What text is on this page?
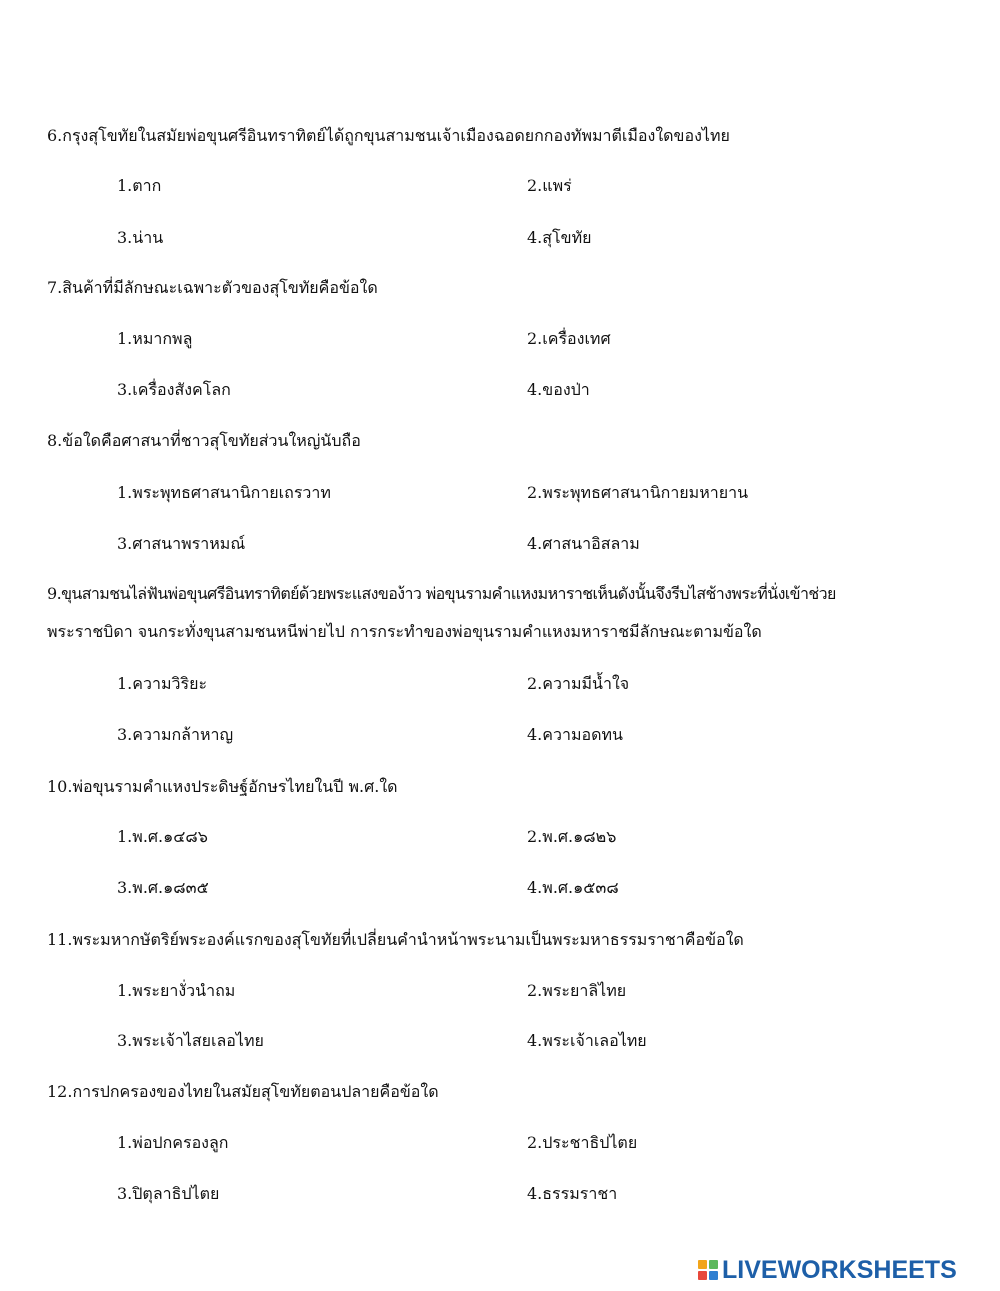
6.กรุงสุโขทัยในสมัยพ่อขุนศรีอินทราทิตย์ได้ถูกขุนสามชนเจ้าเมืองฉอดยกกองทัพมาตีเมืองใดของไทย
1.ตาก	2.แพร่
3.น่าน	4.สุโขทัย
7.สินค้าที่มีลักษณะเฉพาะตัวของสุโขทัยคือข้อใด
1.หมากพลู	2.เครื่องเทศ
3.เครื่องสังคโลก	4.ของป่า
8.ข้อใดคือศาสนาที่ชาวสุโขทัยส่วนใหญ่นับถือ
1.พระพุทธศาสนานิกายเถรวาท	2.พระพุทธศาสนานิกายมหายาน
3.ศาสนาพราหมณ์	4.ศาสนาอิสลาม
9.ขุนสามชนไล่ฟันพ่อขุนศรีอินทราทิตย์ด้วยพระแสงของ้าว พ่อขุนรามคำแหงมหาราชเห็นดังนั้นจึงรีบไสช้างพระที่นั่งเข้าช่วย
พระราชบิดา จนกระทั่งขุนสามชนหนีพ่ายไป การกระทำของพ่อขุนรามคำแหงมหาราชมีลักษณะตามข้อใด
1.ความวิริยะ	2.ความมีน้ำใจ
3.ความกล้าหาญ	4.ความอดทน
10.พ่อขุนรามคำแหงประดิษฐ์อักษรไทยในปี พ.ศ.ใด
1.พ.ศ.๑๔๘๖	2.พ.ศ.๑๘๒๖
3.พ.ศ.๑๘๓๕	4.พ.ศ.๑๕๓๘
11.พระมหากษัตริย์พระองค์แรกของสุโขทัยที่เปลี่ยนคำนำหน้าพระนามเป็นพระมหาธรรมราชาคือข้อใด
1.พระยางั่วนำถม	2.พระยาลิไทย
3.พระเจ้าไสยเลอไทย	4.พระเจ้าเลอไทย
12.การปกครองของไทยในสมัยสุโขทัยตอนปลายคือข้อใด
1.พ่อปกครองลูก	2.ประชาธิปไตย
3.ปิตุลาธิปไตย	4.ธรรมราชา
LIVEWORKSHEETS
